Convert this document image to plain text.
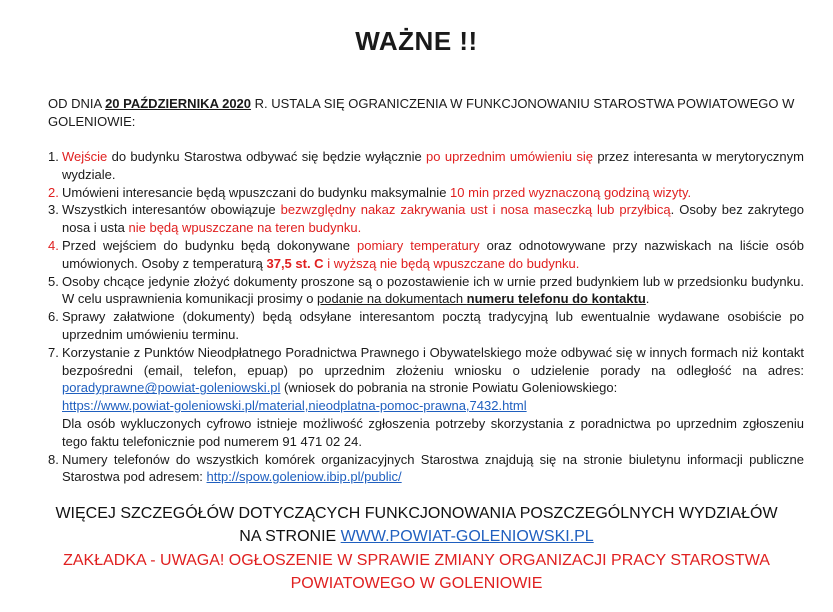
WAŻNE !!
OD DNIA 20 PAŹDZIERNIKA 2020 R. USTALA SIĘ OGRANICZENIA W FUNKCJONOWANIU STAROSTWA POWIATOWEGO W GOLENIOWIE:
1. Wejście do budynku Starostwa odbywać się będzie wyłącznie po uprzednim umówieniu się przez interesanta w merytorycznym wydziale.
2. Umówieni interesancie będą wpuszczani do budynku maksymalnie 10 min przed wyznaczoną godziną wizyty.
3. Wszystkich interesantów obowiązuje bezwzględny nakaz zakrywania ust i nosa maseczką lub przyłbicą. Osoby bez zakrytego nosa i usta nie będą wpuszczane na teren budynku.
4. Przed wejściem do budynku będą dokonywane pomiary temperatury oraz odnotowywane przy nazwiskach na liście osób umówionych. Osoby z temperaturą 37,5 st. C i wyższą nie będą wpuszczane do budynku.
5. Osoby chcące jedynie złożyć dokumenty proszone są o pozostawienie ich w urnie przed budynkiem lub w przedsionku budynku. W celu usprawnienia komunikacji prosimy o podanie na dokumentach numeru telefonu do kontaktu.
6. Sprawy załatwione (dokumenty) będą odsyłane interesantom pocztą tradycyjną lub ewentualnie wydawane osobiście po uprzednim umówieniu terminu.
7. Korzystanie z Punktów Nieodpłatnego Poradnictwa Prawnego i Obywatelskiego może odbywać się w innych formach niż kontakt bezpośredni (email, telefon, epuap) po uprzednim złożeniu wniosku o udzielenie porady na odległość na adres: poradyprawne@powiat-goleniowski.pl (wniosek do pobrania na stronie Powiatu Goleniowskiego:
https://www.powiat-goleniowski.pl/material,nieodplatna-pomoc-prawna,7432.html
Dla osób wykluczonych cyfrowo istnieje możliwość zgłoszenia potrzeby skorzystania z poradnictwa po uprzednim zgłoszeniu tego faktu telefonicznie pod numerem 91 471 02 24.
8. Numery telefonów do wszystkich komórek organizacyjnych Starostwa znajdują się na stronie biuletynu informacji publiczne Starostwa pod adresem: http://spow.goleniow.ibip.pl/public/
WIĘCEJ SZCZEGÓŁÓW DOTYCZĄCYCH FUNKCJONOWANIA POSZCZEGÓLNYCH WYDZIAŁÓW
NA STRONIE WWW.POWIAT-GOLENIOWSKI.PL
ZAKŁADKA - UWAGA! OGŁOSZENIE W SPRAWIE ZMIANY ORGANIZACJI PRACY STAROSTWA
POWIATOWEGO W GOLENIOWIE
